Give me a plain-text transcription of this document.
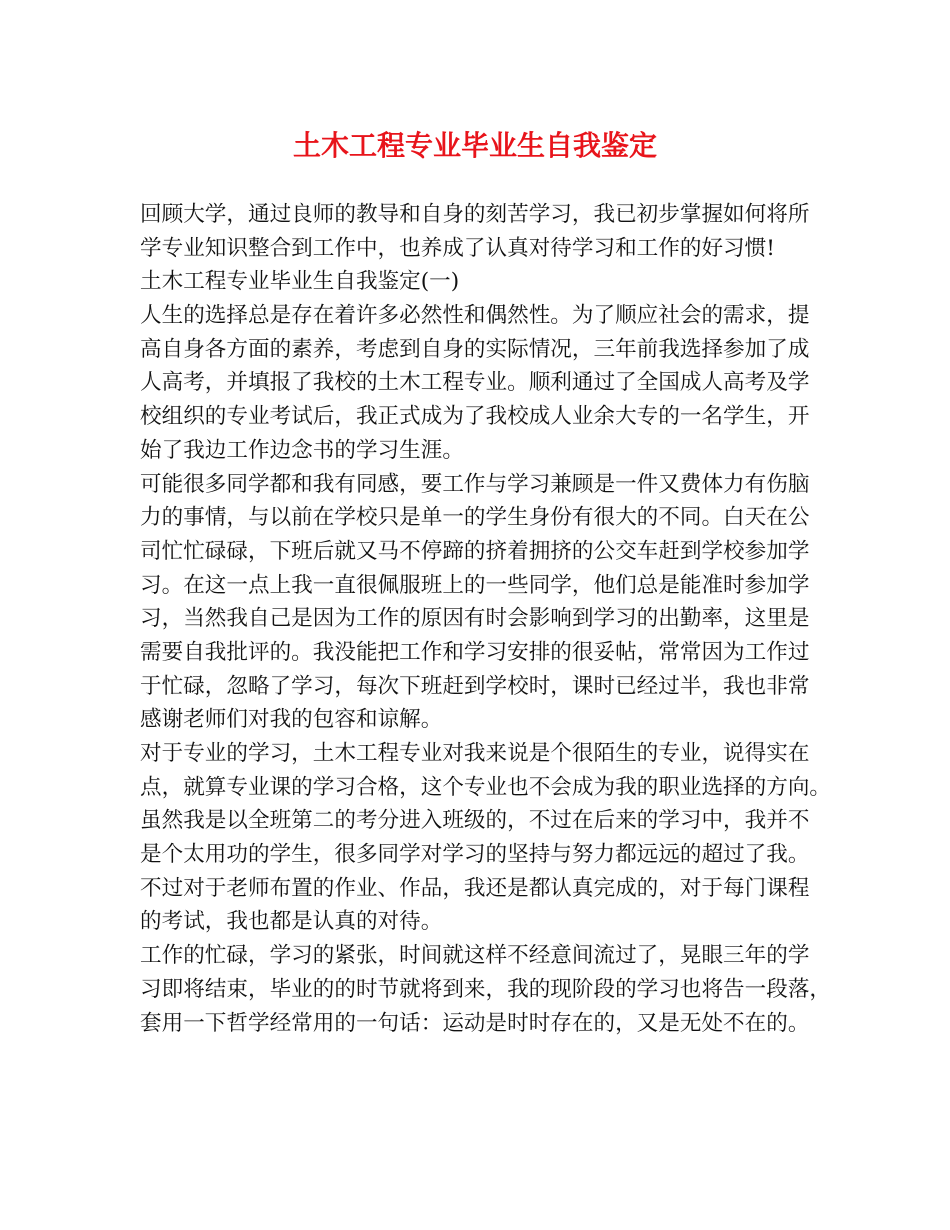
土木工程专业毕业生自我鉴定
回顾大学，通过良师的教导和自身的刻苦学习，我已初步掌握如何将所
学专业知识整合到工作中，也养成了认真对待学习和工作的好习惯!
土木工程专业毕业生自我鉴定(一)
人生的选择总是存在着许多必然性和偶然性。为了顺应社会的需求，提
高自身各方面的素养，考虑到自身的实际情况，三年前我选择参加了成
人高考，并填报了我校的土木工程专业。顺利通过了全国成人高考及学
校组织的专业考试后，我正式成为了我校成人业余大专的一名学生，开
始了我边工作边念书的学习生涯。
可能很多同学都和我有同感，要工作与学习兼顾是一件又费体力有伤脑
力的事情，与以前在学校只是单一的学生身份有很大的不同。白天在公
司忙忙碌碌，下班后就又马不停蹄的挤着拥挤的公交车赶到学校参加学
习。在这一点上我一直很佩服班上的一些同学，他们总是能准时参加学
习，当然我自己是因为工作的原因有时会影响到学习的出勤率，这里是
需要自我批评的。我没能把工作和学习安排的很妥帖，常常因为工作过
于忙碌，忽略了学习，每次下班赶到学校时，课时已经过半，我也非常
感谢老师们对我的包容和谅解。
对于专业的学习，土木工程专业对我来说是个很陌生的专业，说得实在
点，就算专业课的学习合格，这个专业也不会成为我的职业选择的方向。
虽然我是以全班第二的考分进入班级的，不过在后来的学习中，我并不
是个太用功的学生，很多同学对学习的坚持与努力都远远的超过了我。
不过对于老师布置的作业、作品，我还是都认真完成的，对于每门课程
的考试，我也都是认真的对待。
工作的忙碌，学习的紧张，时间就这样不经意间流过了，晃眼三年的学
习即将结束，毕业的的时节就将到来，我的现阶段的学习也将告一段落，
套用一下哲学经常用的一句话：运动是时时存在的，又是无处不在的。
